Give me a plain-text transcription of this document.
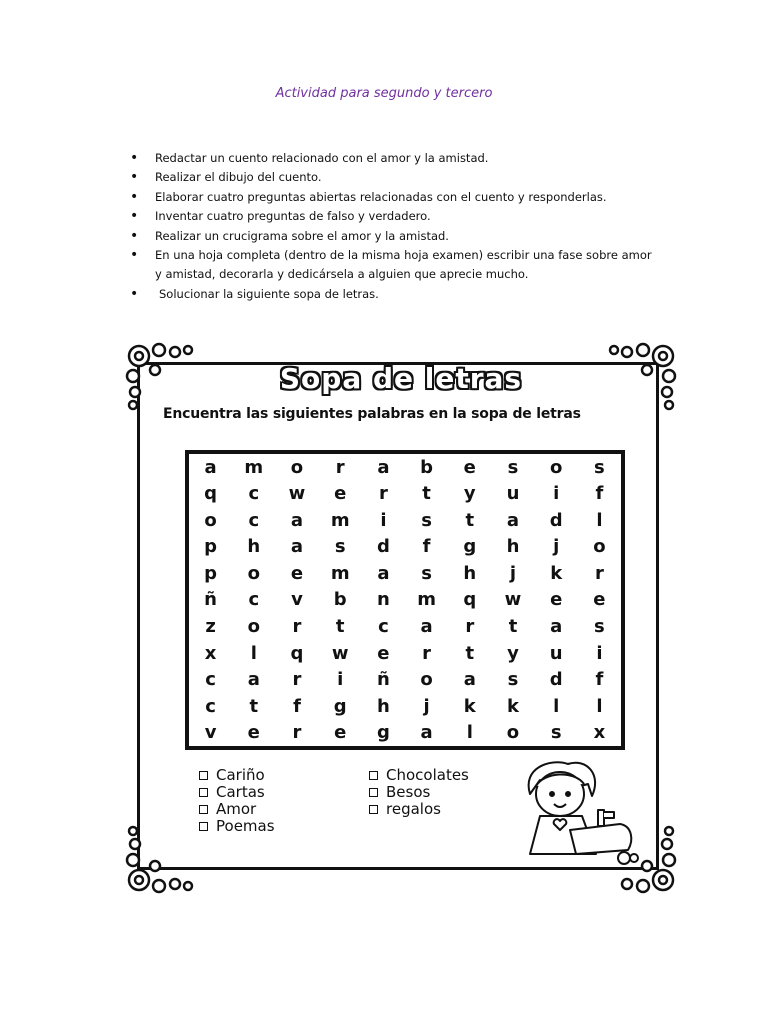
Actividad para segundo y tercero
• Redactar un cuento relacionado con el amor y la amistad.
• Realizar el dibujo del cuento.
• Elaborar cuatro preguntas abiertas relacionadas con el cuento y responderlas.
• Inventar cuatro preguntas de falso y verdadero.
• Realizar un crucigrama sobre el amor y la amistad.
• En una hoja completa (dentro de la misma hoja examen) escribir una fase sobre amor
y amistad, decorarla y dedicársela a alguien que aprecie mucho.
• Solucionar la siguiente sopa de letras.
Sopa de letras
Encuentra las siguientes palabras en la sopa de letras
a	m	o	r	a	b	e	s	o	s
q	c	w	e	r	t	y	u	i	f
o	c	a	m	i	s	t	a	d	l
p	h	a	s	d	f	g	h	j	o
p	o	e	m	a	s	h	j	k	r
ñ	c	v	b	n	m	q	w	e	e
z	o	r	t	c	a	r	t	a	s
x	l	q	w	e	r	t	y	u	i
c	a	r	i	ñ	o	a	s	d	f
c	t	f	g	h	j	k	k	l	l
v	e	r	e	g	a	l	o	s	x
Cariño
Cartas
Amor
Poemas
Chocolates
Besos
regalos
